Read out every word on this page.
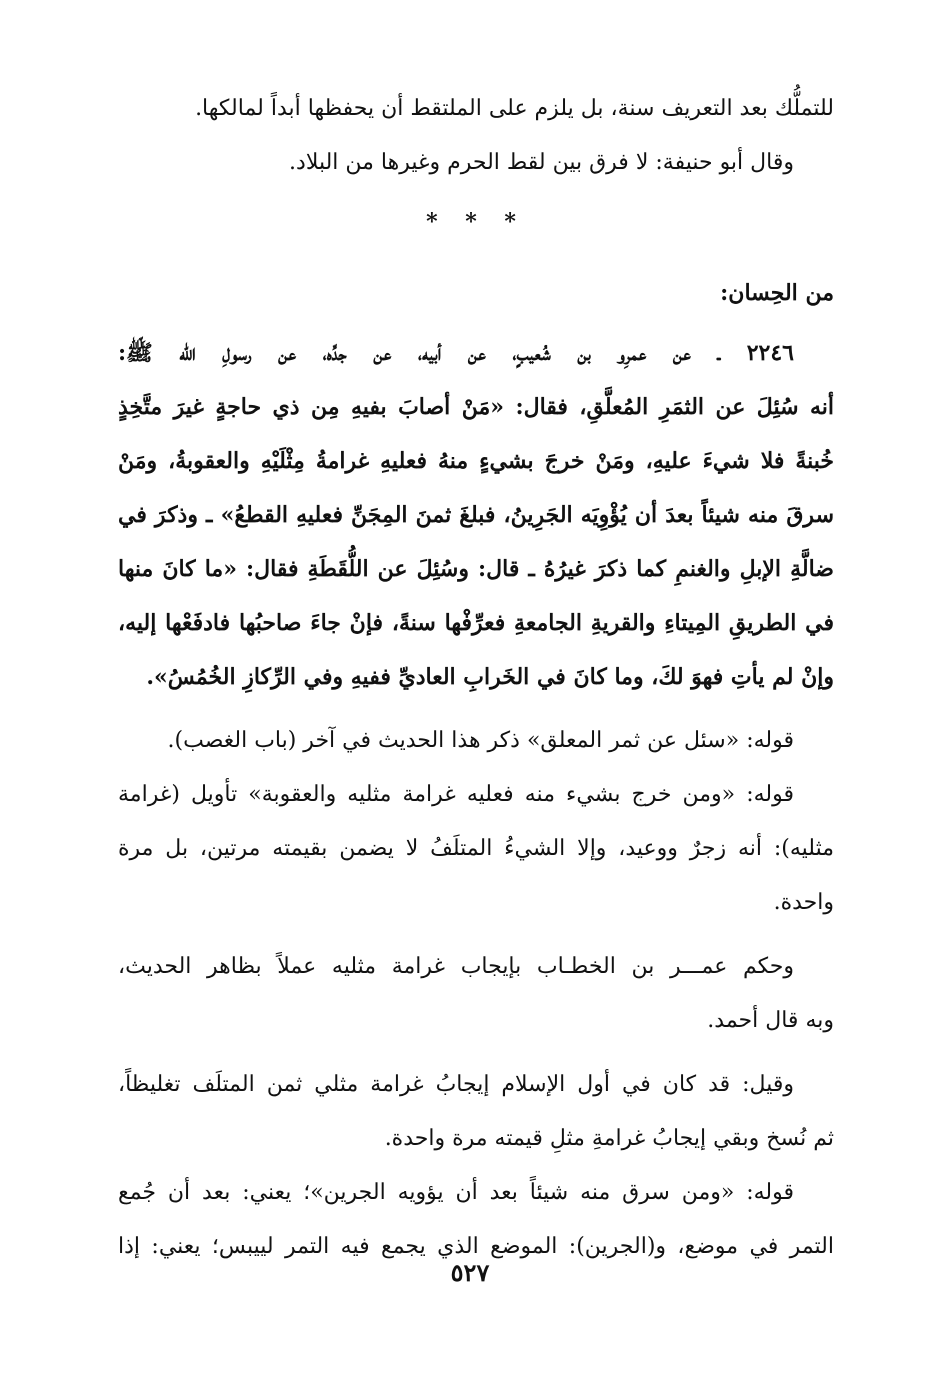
للتملُّك بعد التعريف سنة، بل يلزم على الملتقط أن يحفظها أبداً لمالكها.
وقال أبو حنيفة: لا فرق بين لقط الحرم وغيرها من البلاد.
* * *
من الحِسان:
٢٢٤٦ ـ عن عمرِو بن شُعيبٍ، عن أبيه، عن جدِّه، عن رسولِ الله ﷺ:
أنه سُئِلَ عن الثمَرِ المُعلَّقِ، فقال: «مَنْ أصابَ بفيهِ مِن ذي حاجةٍ غيرَ متَّخِذٍ
خُبنةً فلا شيءَ عليهِ، ومَنْ خرجَ بشيءٍ منهُ فعليهِ غرامةُ مِثْلَيْهِ والعقوبةُ، ومَنْ
سرقَ منه شيئاً بعدَ أن يُؤْوِيَه الجَرِينُ، فبلغَ ثمنَ المِجَنِّ فعليهِ القطعُ» ـ وذكرَ في
ضالَّةِ الإبلِ والغنمِ كما ذكرَ غيرُهُ ـ قال: وسُئِلَ عن اللُّقَطَةِ فقال: «ما كانَ منها
في الطريقِ المِيتاءِ والقريةِ الجامعةِ فعرِّفْها سنةً، فإنْ جاءَ صاحبُها فادفَعْها إليه،
وإنْ لم يأتِ فهوَ لكَ، وما كانَ في الخَرابِ العاديِّ ففيهِ وفي الرِّكازِ الخُمُسُ».
قوله: «سئل عن ثمر المعلق» ذكر هذا الحديث في آخر (باب الغصب).
قوله: «ومن خرج بشيء منه فعليه غرامة مثليه والعقوبة» تأويل (غرامة
مثليه): أنه زجرٌ ووعيد، وإلا الشيءُ المتلَفُ لا يضمن بقيمته مرتين، بل مرة
واحدة.
وحكم عمـــر بن الخطـاب بإيجاب غرامة مثليه عملاً بظاهر الحديث،
وبه قال أحمد.
وقيل: قد كان في أول الإسلام إيجابُ غرامة مثلي ثمن المتلَف تغليظاً،
ثم نُسخ وبقي إيجابُ غرامةِ مثلِ قيمته مرة واحدة.
قوله: «ومن سرق منه شيئاً بعد أن يؤويه الجرين»؛ يعني: بعد أن جُمع
التمر في موضع، و(الجرين): الموضع الذي يجمع فيه التمر لييبس؛ يعني: إذا
٥٢٧
